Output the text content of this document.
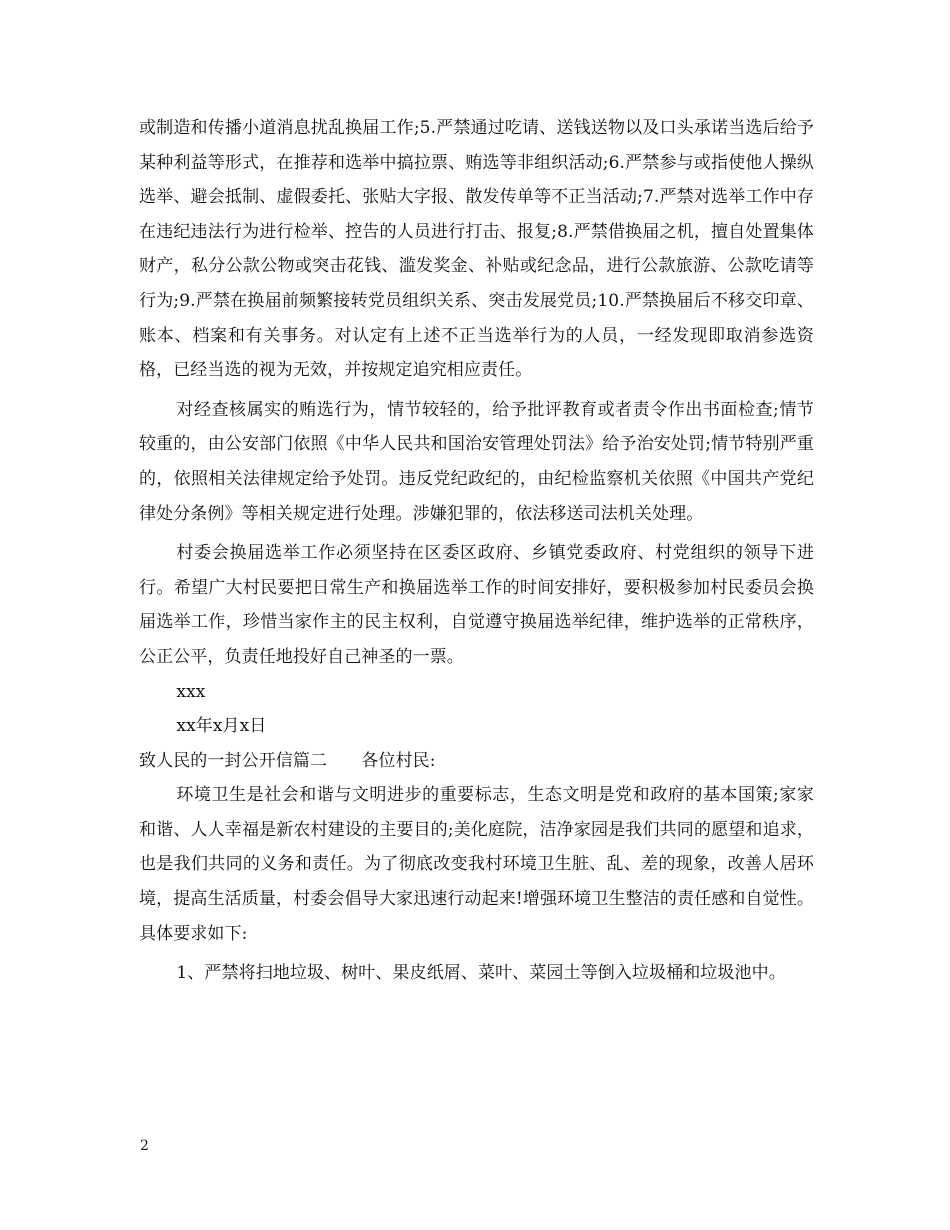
或制造和传播小道消息扰乱换届工作;5.严禁通过吃请、送钱送物以及口头承诺当选后给予某种利益等形式，在推荐和选举中搞拉票、贿选等非组织活动;6.严禁参与或指使他人操纵选举、避会抵制、虚假委托、张贴大字报、散发传单等不正当活动;7.严禁对选举工作中存在违纪违法行为进行检举、控告的人员进行打击、报复;8.严禁借换届之机，擅自处置集体财产，私分公款公物或突击花钱、滥发奖金、补贴或纪念品，进行公款旅游、公款吃请等行为;9.严禁在换届前频繁接转党员组织关系、突击发展党员;10.严禁换届后不移交印章、账本、档案和有关事务。对认定有上述不正当选举行为的人员，一经发现即取消参选资格，已经当选的视为无效，并按规定追究相应责任。

对经查核属实的贿选行为，情节较轻的，给予批评教育或者责令作出书面检查;情节较重的，由公安部门依照《中华人民共和国治安管理处罚法》给予治安处罚;情节特别严重的，依照相关法律规定给予处罚。违反党纪政纪的，由纪检监察机关依照《中国共产党纪律处分条例》等相关规定进行处理。涉嫌犯罪的，依法移送司法机关处理。

村委会换届选举工作必须坚持在区委区政府、乡镇党委政府、村党组织的领导下进行。希望广大村民要把日常生产和换届选举工作的时间安排好，要积极参加村民委员会换届选举工作，珍惜当家作主的民主权利，自觉遵守换届选举纪律，维护选举的正常秩序，公正公平，负责任地投好自己神圣的一票。

xxx

xx年x月x日

致人民的一封公开信篇二　　各位村民:

环境卫生是社会和谐与文明进步的重要标志，生态文明是党和政府的基本国策;家家和谐、人人幸福是新农村建设的主要目的;美化庭院，洁净家园是我们共同的愿望和追求，也是我们共同的义务和责任。为了彻底改变我村环境卫生脏、乱、差的现象，改善人居环境，提高生活质量，村委会倡导大家迅速行动起来!增强环境卫生整洁的责任感和自觉性。具体要求如下:

1、严禁将扫地垃圾、树叶、果皮纸屑、菜叶、菜园土等倒入垃圾桶和垃圾池中。

2
